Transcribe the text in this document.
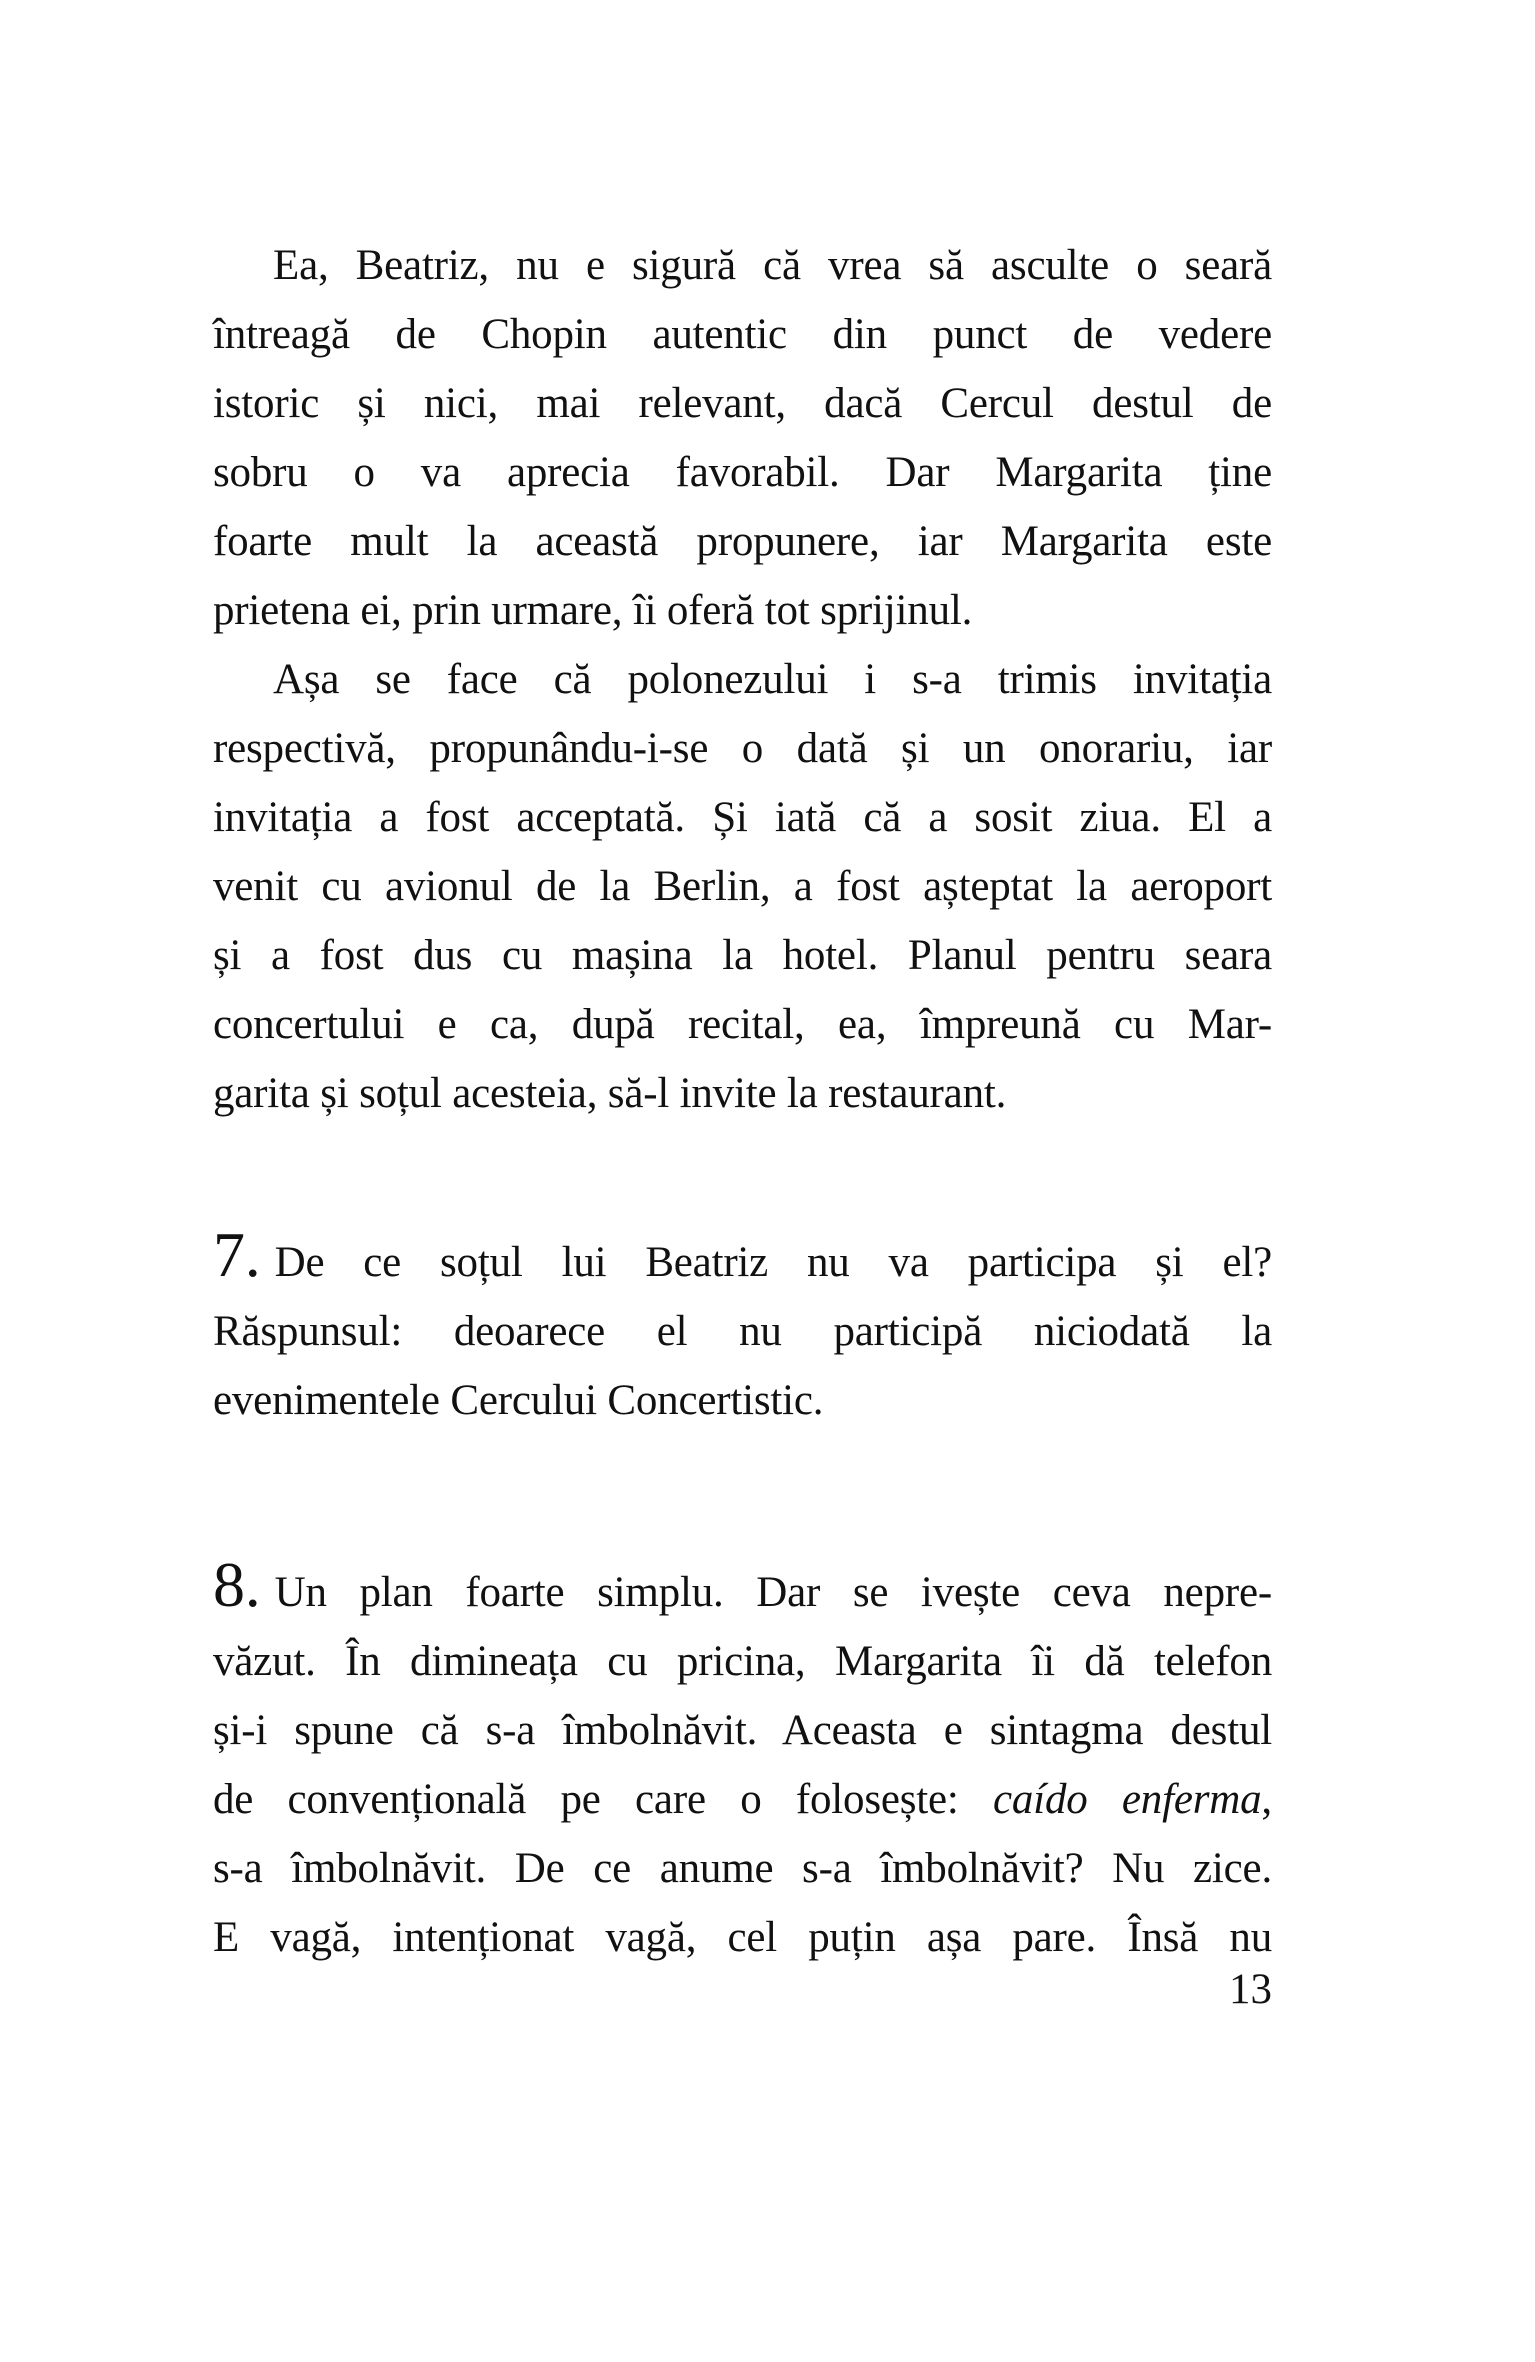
Ea, Beatriz, nu e sigură că vrea să asculte o seară
întreagă de Chopin autentic din punct de vedere
istoric și nici, mai relevant, dacă Cercul destul de
sobru o va aprecia favorabil. Dar Margarita ține
foarte mult la această propunere, iar Margarita este
prietena ei, prin urmare, îi oferă tot sprijinul.
Așa se face că polonezului i s-a trimis invitația
respectivă, propunându-i-se o dată și un onorariu, iar
invitația a fost acceptată. Și iată că a sosit ziua. El a
venit cu avionul de la Berlin, a fost așteptat la aeroport
și a fost dus cu mașina la hotel. Planul pentru seara
concertului e ca, după recital, ea, împreună cu Mar-
garita și soțul acesteia, să-l invite la restaurant.
7. De ce soțul lui Beatriz nu va participa și el?
Răspunsul: deoarece el nu participă niciodată la
evenimentele Cercului Concertistic.
8. Un plan foarte simplu. Dar se ivește ceva nepre-
văzut. În dimineața cu pricina, Margarita îi dă telefon
și-i spune că s-a îmbolnăvit. Aceasta e sintagma destul
de convențională pe care o folosește: caído enferma,
s-a îmbolnăvit. De ce anume s-a îmbolnăvit? Nu zice.
E vagă, intenționat vagă, cel puțin așa pare. Însă nu
13
